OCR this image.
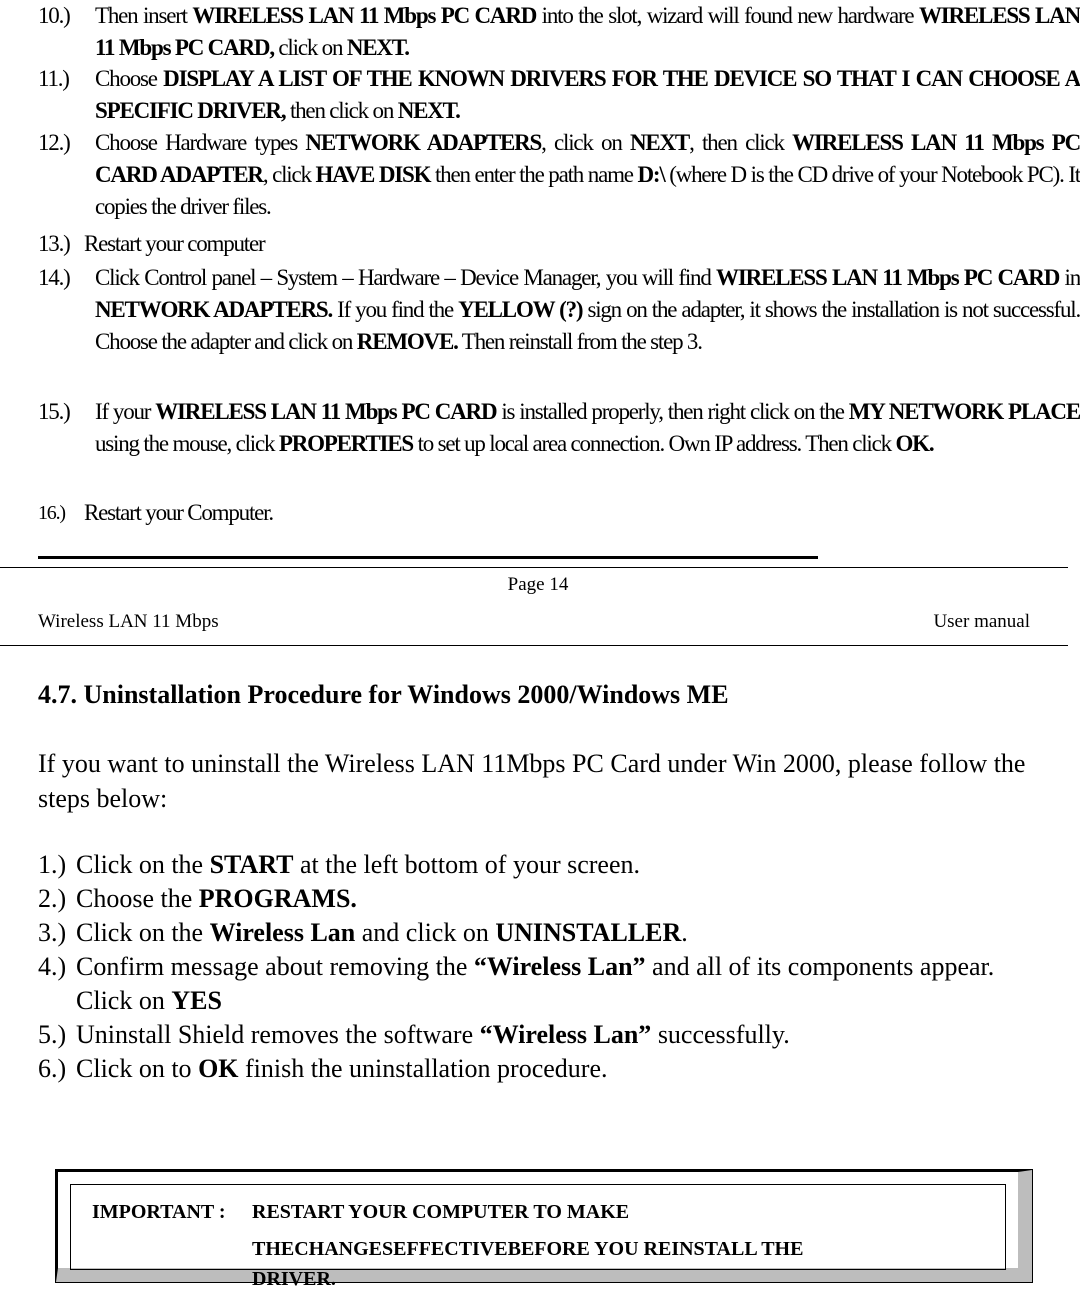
10.)	Then insert WIRELESS LAN 11 Mbps PC CARD into the slot, wizard will found new hardware WIRELESS LAN 11 Mbps PC CARD, click on NEXT.
11.)	Choose DISPLAY A LIST OF THE KNOWN DRIVERS FOR THE DEVICE SO THAT I CAN CHOOSE A SPECIFIC DRIVER, then click on NEXT.
12.)	Choose Hardware types NETWORK ADAPTERS, click on NEXT, then click WIRELESS LAN 11 Mbps PC CARD ADAPTER, click HAVE DISK then enter the path name D:\ (where D is the CD drive of your Notebook PC). It copies the driver files.
13.) Restart your computer
14.)	Click Control panel – System – Hardware – Device Manager, you will find WIRELESS LAN 11 Mbps PC CARD in NETWORK ADAPTERS. If you find the YELLOW (?) sign on the adapter, it shows the installation is not successful. Choose the adapter and click on REMOVE. Then reinstall from the step 3.
15.)	If your WIRELESS LAN 11 Mbps PC CARD is installed properly, then right click on the MY NETWORK PLACE using the mouse, click PROPERTIES to set up local area connection. Own IP address. Then click OK.
16.) Restart your Computer.
Page 14
Wireless LAN 11 Mbps	User manual
4.7. Uninstallation Procedure for Windows 2000/Windows ME
If you want to uninstall the Wireless LAN 11Mbps PC Card under Win 2000, please follow the steps below:
1.) Click on the START at the left bottom of your screen.
2.) Choose the PROGRAMS.
3.) Click on the Wireless Lan and click on UNINSTALLER.
4.) Confirm message about removing the “Wireless Lan” and all of its components appear. Click on YES
5.) Uninstall Shield removes the software “Wireless Lan” successfully.
6.) Click on to OK finish the uninstallation procedure.
IMPORTANT : RESTART YOUR COMPUTER TO MAKE
THECHANGESEFFECTIVEBEFORE YOU REINSTALL THE
DRIVER.
